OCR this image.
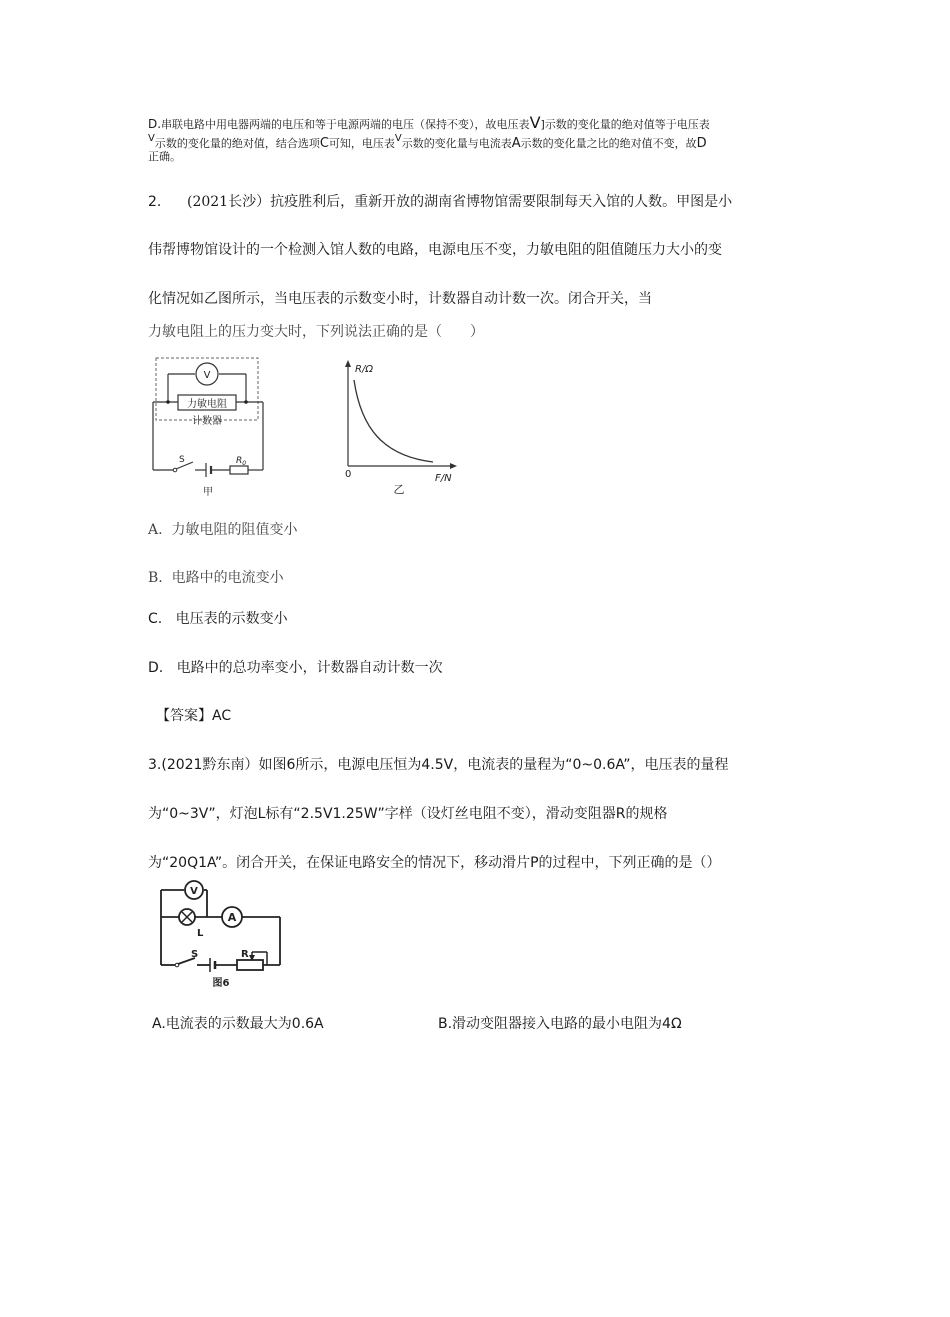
D.串联电路中用电器两端的电压和等于电源两端的电压（保持不变），故电压表V]示数的变化量的绝对值等于电压表
V示数的变化量的绝对值，结合选项C可知，电压表V示数的变化量与电流表A示数的变化量之比的绝对值不变，故D
正确。
2. (2021长沙）抗疫胜利后，重新开放的湖南省博物馆需要限制每天入馆的人数。甲图是小
伟帮博物馆设计的一个检测入馆人数的电路，电源电压不变，力敏电阻的阻值随压力大小的变
化情况如乙图所示，当电压表的示数变小时，计数器自动计数一次。闭合开关，当
力敏电阻上的压力变大时，下列说法正确的是（　　）
V
力敏电阻
计数器
S	$R_0$
甲
R/Ω
F/N
0
乙
A. 力敏电阻的阻值变小
B. 电路中的电流变小
C. 电压表的示数变小
D. 电路中的总功率变小，计数器自动计数一次
【答案】AC
3.(2021黔东南）如图6所示，电源电压恒为4.5V，电流表的量程为“0~0.6A”，电压表的量程
为“0~3V”，灯泡L标有“2.5V1.25W”字样（设灯丝电阻不变），滑动变阻器R的规格
为“20Q1A”。闭合开关，在保证电路安全的情况下，移动滑片P的过程中，下列正确的是（）
V
L
A
S	R
图6
A.电流表的示数最大为0.6A	B.滑动变阻器接入电路的最小电阻为4Ω
